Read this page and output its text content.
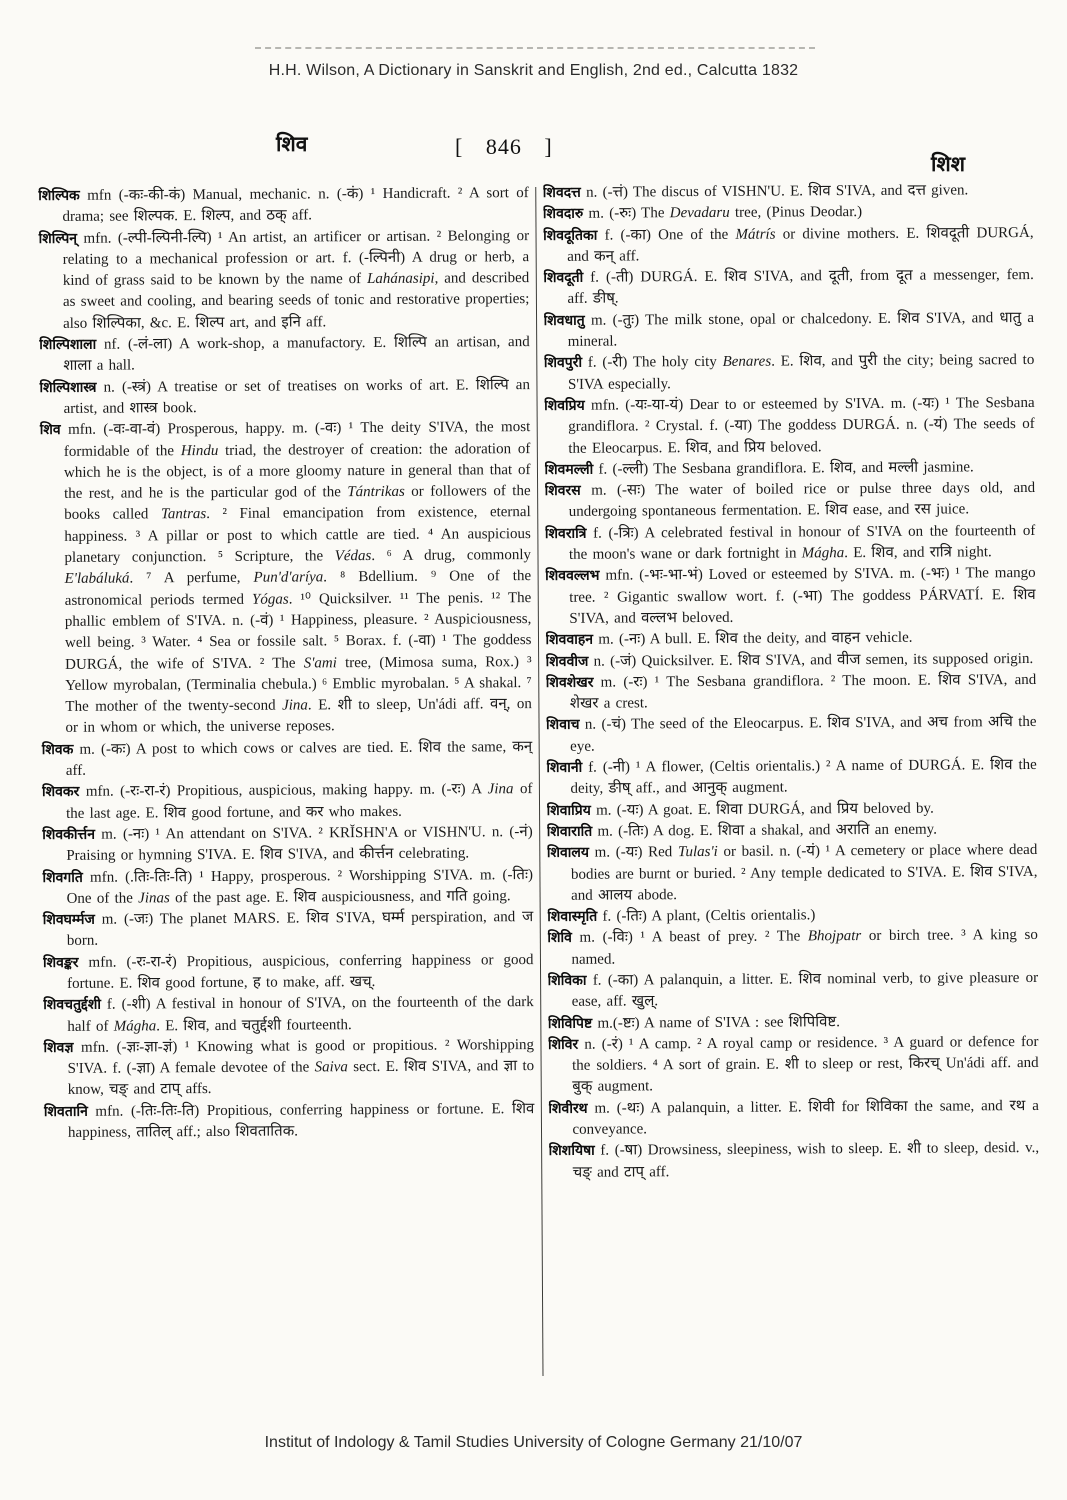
H.H. Wilson, A Dictionary in Sanskrit and English, 2nd ed., Calcutta 1832
शिव	[ 846 ]
शिश

शिल्पिक mfn (-कः-की-कं) Manual, mechanic. n. (-कं) ¹ Handicraft. ² A sort of drama; see शिल्पक. E. शिल्प, and ठक् aff.

शिल्पिन् mfn. (-ल्पी-ल्पिनी-ल्पि) ¹ An artist, an artificer or artisan. ² Belonging or relating to a mechanical profession or art. f. (-ल्पिनी) A drug or herb, a kind of grass said to be known by the name of Lahánasipi, and described as sweet and cooling, and bearing seeds of tonic and restorative properties; also शिल्पिका, &c. E. शिल्प art, and इनि aff.

शिल्पिशाला nf. (-लं-ला) A work-shop, a manufactory. E. शिल्पि an artisan, and शाला a hall.

शिल्पिशास्त्र n. (-स्त्रं) A treatise or set of treatises on works of art. E. शिल्पि an artist, and शास्त्र book.

शिव mfn. (-वः-वा-वं) Prosperous, happy. m. (-वः) ¹ The deity S'IVA, the most formidable of the Hindu triad, the destroyer of creation: the adoration of which he is the object, is of a more gloomy nature in general than that of the rest, and he is the particular god of the Tántrikas or followers of the books called Tantras. ² Final emancipation from existence, eternal happiness. ³ A pillar or post to which cattle are tied. ⁴ An auspicious planetary conjunction. ⁵ Scripture, the Védas. ⁶ A drug, commonly E'labáluká. ⁷ A perfume, Pun'd'aríya. ⁸ Bdellium. ⁹ One of the astronomical periods termed Yógas. ¹⁰ Quicksilver. ¹¹ The penis. ¹² The phallic emblem of S'IVA. n. (-वं) ¹ Happiness, pleasure. ² Auspiciousness, well being. ³ Water. ⁴ Sea or fossile salt. ⁵ Borax. f. (-वा) ¹ The goddess DURGÁ, the wife of S'IVA. ² The S'ami tree, (Mimosa suma, Rox.) ³ Yellow myrobalan, (Terminalia chebula.) ⁶ Emblic myrobalan. ⁵ A shakal. ⁷ The mother of the twenty-second Jina. E. शी to sleep, Un'ádi aff. वन्, on or in whom or which, the universe reposes.

शिवक m. (-कः) A post to which cows or calves are tied. E. शिव the same, कन् aff.

शिवकर mfn. (-रः-रा-रं) Propitious, auspicious, making happy. m. (-रः) A Jina of the last age. E. शिव good fortune, and कर who makes.

शिवकीर्त्तन m. (-नः) ¹ An attendant on S'IVA. ² KRĬSHN'A or VISHN'U. n. (-नं) Praising or hymning S'IVA. E. शिव S'IVA, and कीर्त्तन celebrating.

शिवगति mfn. (.तिः-तिः-ति) ¹ Happy, prosperous. ² Worshipping S'IVA. m. (-तिः) One of the Jinas of the past age. E. शिव auspiciousness, and गति going.

शिवघर्म्मज m. (-जः) The planet MARS. E. शिव S'IVA, घर्म्म perspiration, and ज born.

शिवङ्कर mfn. (-रः-रा-रं) Propitious, auspicious, conferring happiness or good fortune. E. शिव good fortune, ह to make, aff. खच्.

शिवचतुर्द्दशी f. (-शी) A festival in honour of S'IVA, on the fourteenth of the dark half of Mágha. E. शिव, and चतुर्द्दशी fourteenth.

शिवज्ञ mfn. (-ज्ञः-ज्ञा-ज्ञं) ¹ Knowing what is good or propitious. ² Worshipping S'IVA. f. (-ज्ञा) A female devotee of the Saiva sect. E. शिव S'IVA, and ज्ञा to know, चङ् and टाप् affs.

शिवतानि mfn. (-तिः-तिः-ति) Propitious, conferring happiness or fortune. E. शिव happiness, तातिल् aff.; also शिवतातिक.

शिवदत्त n. (-त्तं) The discus of VISHN'U. E. शिव S'IVA, and दत्त given.

शिवदारु m. (-रुः) The Devadaru tree, (Pinus Deodar.)

शिवदूतिका f. (-का) One of the Mátrís or divine mothers. E. शिवदूती DURGÁ, and कन् aff.

शिवदूती f. (-ती) DURGÁ. E. शिव S'IVA, and दूती, from दूत a messenger, fem. aff. ङीष्.

शिवधातु m. (-तुः) The milk stone, opal or chalcedony. E. शिव S'IVA, and धातु a mineral.

शिवपुरी f. (-री) The holy city Benares. E. शिव, and पुरी the city; being sacred to S'IVA especially.

शिवप्रिय mfn. (-यः-या-यं) Dear to or esteemed by S'IVA. m. (-यः) ¹ The Sesbana grandiflora. ² Crystal. f. (-या) The goddess DURGÁ. n. (-यं) The seeds of the Eleocarpus. E. शिव, and प्रिय beloved.

शिवमल्ली f. (-ल्ली) The Sesbana grandiflora. E. शिव, and मल्ली jasmine.

शिवरस m. (-सः) The water of boiled rice or pulse three days old, and undergoing spontaneous fermentation. E. शिव ease, and रस juice.

शिवरात्रि f. (-त्रिः) A celebrated festival in honour of S'IVA on the fourteenth of the moon's wane or dark fortnight in Mágha. E. शिव, and रात्रि night.

शिववल्लभ mfn. (-भः-भा-भं) Loved or esteemed by S'IVA. m. (-भः) ¹ The mango tree. ² Gigantic swallow wort. f. (-भा) The goddess PÁRVATÍ. E. शिव S'IVA, and वल्लभ beloved.

शिववाहन m. (-नः) A bull. E. शिव the deity, and वाहन vehicle.

शिववीज n. (-जं) Quicksilver. E. शिव S'IVA, and वीज semen, its supposed origin.

शिवशेखर m. (-रः) ¹ The Sesbana grandiflora. ² The moon. E. शिव S'IVA, and शेखर a crest.

शिवाच n. (-चं) The seed of the Eleocarpus. E. शिव S'IVA, and अच from अचि the eye.

शिवानी f. (-नी) ¹ A flower, (Celtis orientalis.) ² A name of DURGÁ. E. शिव the deity, ङीष् aff., and आनुक् augment.

शिवाप्रिय m. (-यः) A goat. E. शिवा DURGÁ, and प्रिय beloved by.

शिवाराति m. (-तिः) A dog. E. शिवा a shakal, and अराति an enemy.

शिवालय m. (-यः) Red Tulas'i or basil. n. (-यं) ¹ A cemetery or place where dead bodies are burnt or buried. ² Any temple dedicated to S'IVA. E. शिव S'IVA, and आलय abode.

शिवास्मृति f. (-तिः) A plant, (Celtis orientalis.)

शिवि m. (-विः) ¹ A beast of prey. ² The Bhojpatr or birch tree. ³ A king so named.

शिविका f. (-का) A palanquin, a litter. E. शिव nominal verb, to give pleasure or ease, aff. खुल्.

शिविपिष्ट m.(-ष्टः) A name of S'IVA : see शिपिविष्ट.

शिविर n. (-रं) ¹ A camp. ² A royal camp or residence. ³ A guard or defence for the soldiers. ⁴ A sort of grain. E. शी to sleep or rest, किरच् Un'ádi aff. and बुक् augment.

शिवीरथ m. (-थः) A palanquin, a litter. E. शिवी for शिविका the same, and रथ a conveyance.

शिशयिषा f. (-षा) Drowsiness, sleepiness, wish to sleep. E. शी to sleep, desid. v., चङ् and टाप् aff.

Institut of Indology & Tamil Studies University of Cologne Germany 21/10/07
